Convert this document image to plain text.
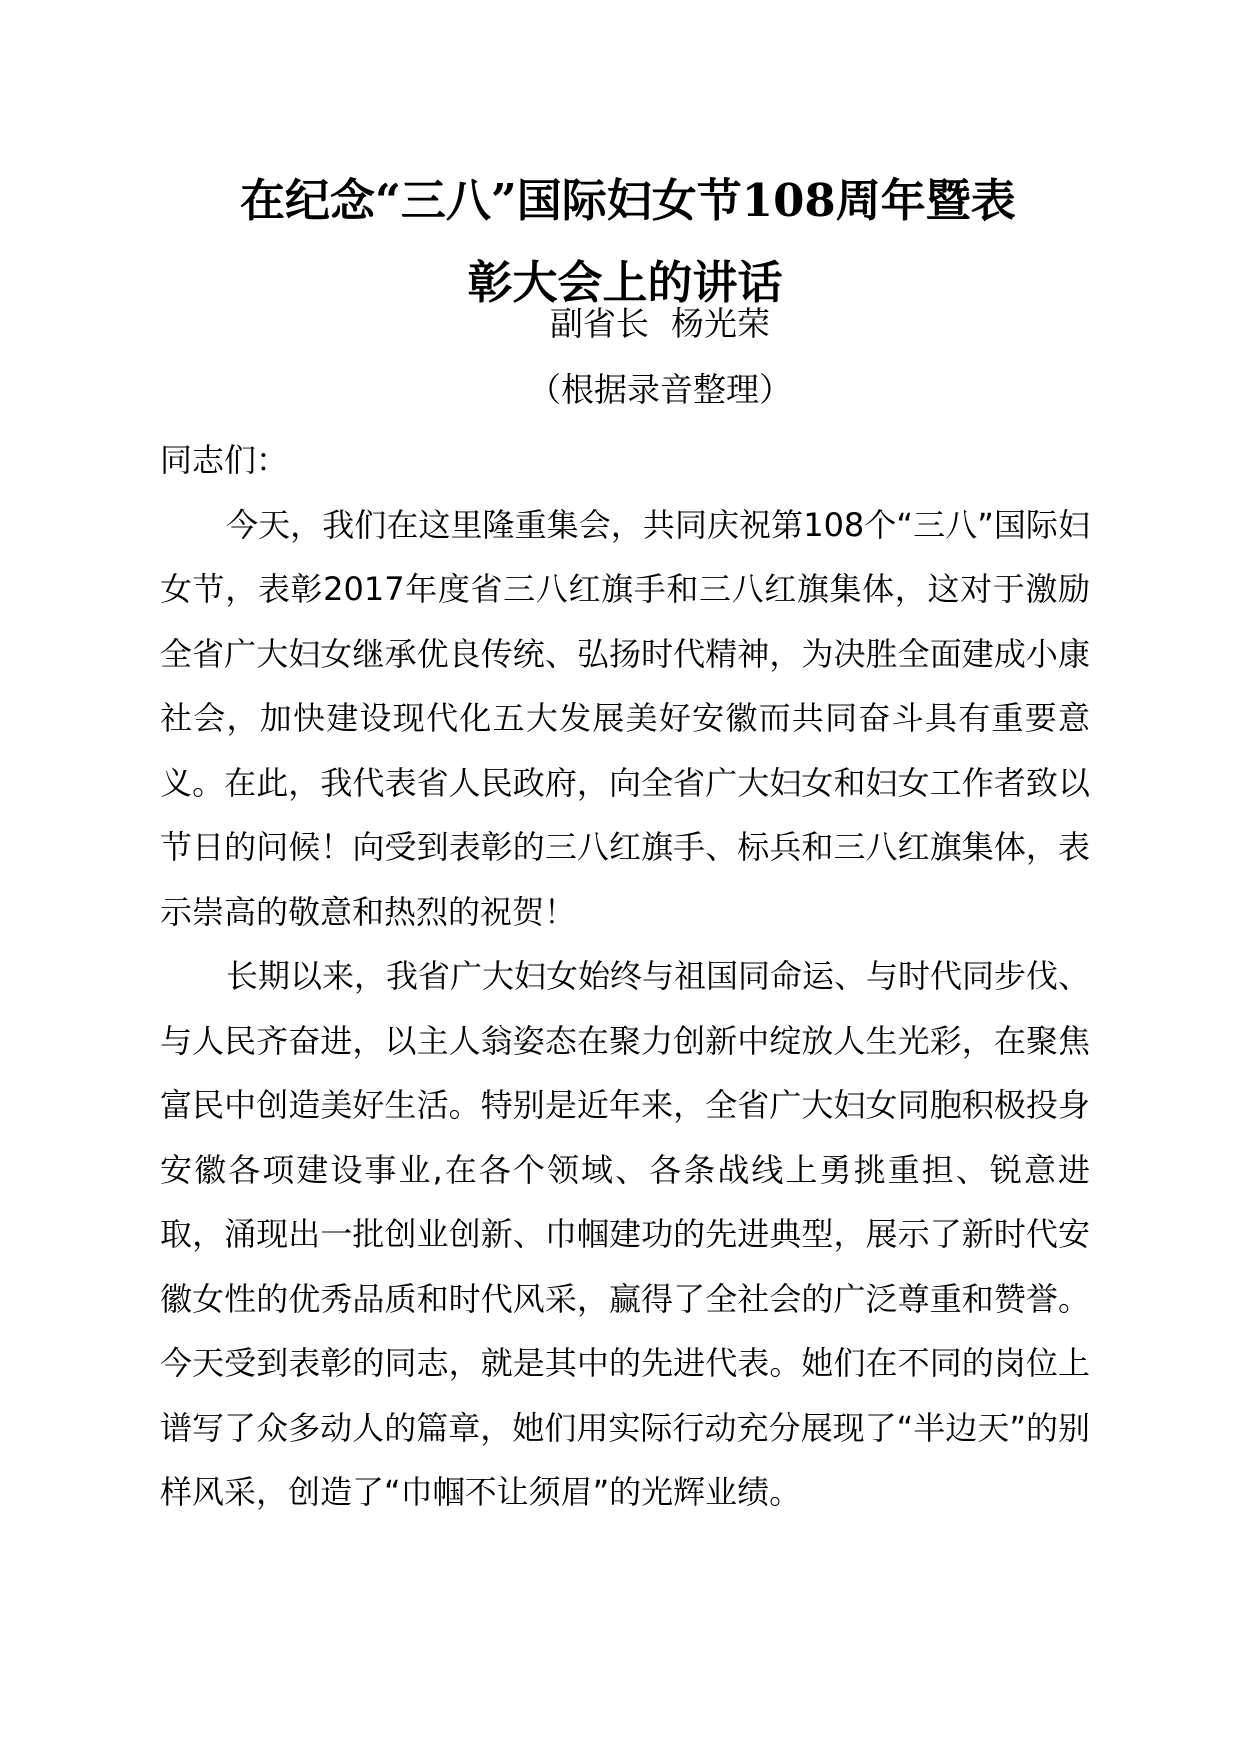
在纪念“三八”国际妇女节108周年暨表
彰大会上的讲话
副省长 杨光荣
（根据录音整理）

同志们：

今天，我们在这里隆重集会，共同庆祝第108个“三八”国际妇女节，表彰2017年度省三八红旗手和三八红旗集体，这对于激励全省广大妇女继承优良传统、弘扬时代精神，为决胜全面建成小康社会，加快建设现代化五大发展美好安徽而共同奋斗具有重要意义。在此，我代表省人民政府，向全省广大妇女和妇女工作者致以节日的问候！向受到表彰的三八红旗手、标兵和三八红旗集体，表示崇高的敬意和热烈的祝贺！

长期以来，我省广大妇女始终与祖国同命运、与时代同步伐、与人民齐奋进，以主人翁姿态在聚力创新中绽放人生光彩，在聚焦富民中创造美好生活。特别是近年来，全省广大妇女同胞积极投身安徽各项建设事业,在各个领域、各条战线上勇挑重担、锐意进取，涌现出一批创业创新、巾帼建功的先进典型，展示了新时代安徽女性的优秀品质和时代风采，赢得了全社会的广泛尊重和赞誉。今天受到表彰的同志，就是其中的先进代表。她们在不同的岗位上谱写了众多动人的篇章，她们用实际行动充分展现了“半边天”的别样风采，创造了“巾帼不让须眉”的光辉业绩。
